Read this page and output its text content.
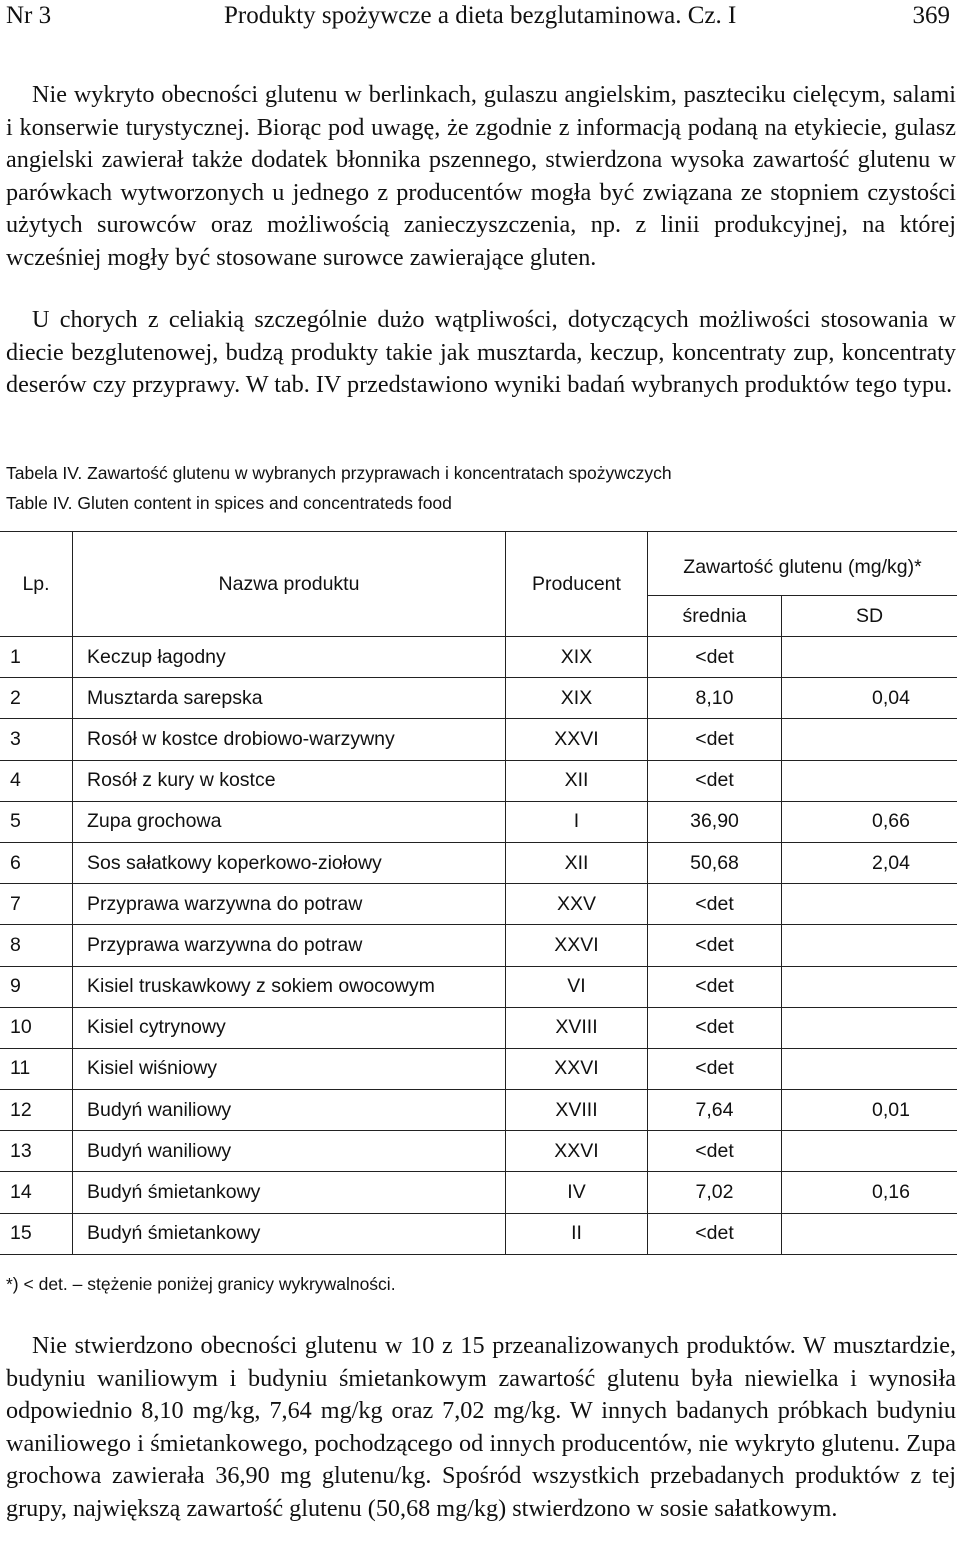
Nr 3	Produkty spożywcze a dieta bezglutaminowa. Cz. I	369

Nie wykryto obecności glutenu w berlinkach, gulaszu angielskim, paszteciku cielęcym, salami i konserwie turystycznej. Biorąc pod uwagę, że zgodnie z informacją podaną na etykiecie, gulasz angielski zawierał także dodatek błonnika pszennego, stwierdzona wysoka zawartość glutenu w parówkach wytworzonych u jednego z producentów mogła być związana ze stopniem czystości użytych surowców oraz możliwością zanieczyszczenia, np. z linii produkcyjnej, na której wcześniej mogły być stosowane surowce zawierające gluten.

U chorych z celiakią szczególnie dużo wątpliwości, dotyczących możliwości stosowania w diecie bezglutenowej, budzą produkty takie jak musztarda, keczup, koncentraty zup, koncentraty deserów czy przyprawy. W tab. IV przedstawiono wyniki badań wybranych produktów tego typu.

Tabela IV. Zawartość glutenu w wybranych przyprawach i koncentratach spożywczych
Table IV. Gluten content in spices and concentrateds food
Lp.	Nazwa produktu	Producent	Zawartość glutenu (mg/kg)*	
			średnia	SD
1	Keczup łagodny	XIX	<det	
2	Musztarda sarepska	XIX	8,10	0,04
3	Rosół w kostce drobiowo-warzywny	XXVI	<det	
4	Rosół z kury w kostce	XII	<det	
5	Zupa grochowa	I	36,90	0,66
6	Sos sałatkowy koperkowo-ziołowy	XII	50,68	2,04
7	Przyprawa warzywna do potraw	XXV	<det	
8	Przyprawa warzywna do potraw	XXVI	<det	
9	Kisiel truskawkowy z sokiem owocowym	VI	<det	
10	Kisiel cytrynowy	XVIII	<det	
11	Kisiel wiśniowy	XXVI	<det	
12	Budyń waniliowy	XVIII	7,64	0,01
13	Budyń waniliowy	XXVI	<det	
14	Budyń śmietankowy	IV	7,02	0,16
15	Budyń śmietankowy	II	<det	
*) < det. – stężenie poniżej granicy wykrywalności.

Nie stwierdzono obecności glutenu w 10 z 15 przeanalizowanych produktów. W musztardzie, budyniu waniliowym i budyniu śmietankowym zawartość glutenu była niewielka i wynosiła odpowiednio 8,10 mg/kg, 7,64 mg/kg oraz 7,02 mg/kg. W innych badanych próbkach budyniu waniliowego i śmietankowego, pochodzącego od innych producentów, nie wykryto glutenu. Zupa grochowa zawierała 36,90 mg glutenu/kg. Spośród wszystkich przebadanych produktów z tej grupy, największą zawartość glutenu (50,68 mg/kg) stwierdzono w sosie sałatkowym.
